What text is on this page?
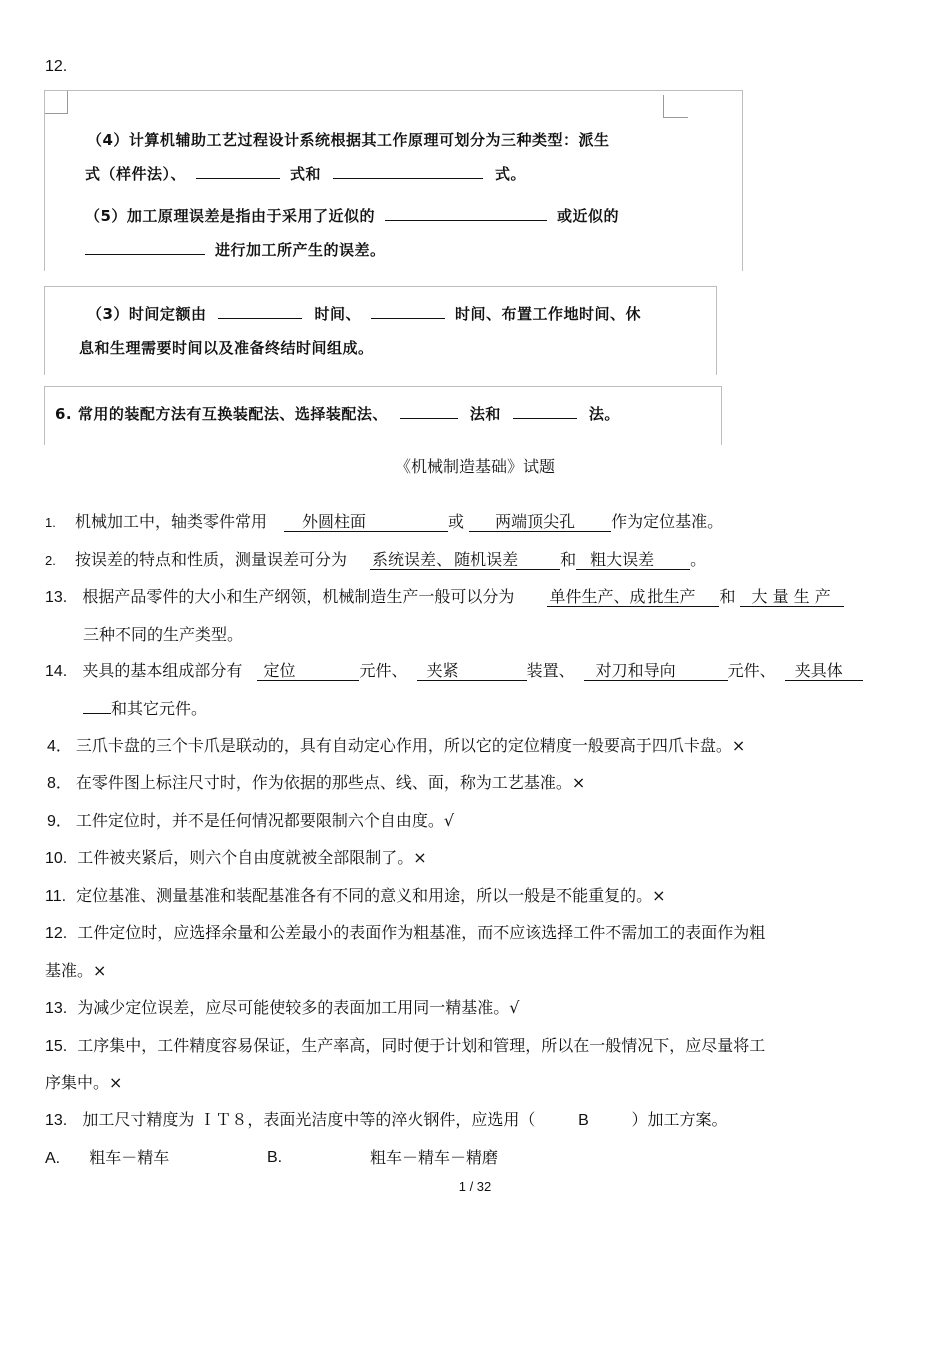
12.
（4）计算机辅助工艺过程设计系统根据其工作原理可划分为三种类型：派生
式（样件法）、	式和	式。
（5）加工原理误差是指由于采用了近似的	或近似的
进行加工所产生的误差。
（3）时间定额由	时间、	时间、布置工作地时间、休
息和生理需要时间以及准备终结时间组成。
6. 常用的装配方法有互换装配法、选择装配法、	法和	法。
《机械制造基础》试题
1. 机械加工中，轴类零件常用 外圆柱面	或 两端顶尖孔 作为定位基准。
2. 按误差的特点和性质，测量误差可分为 系统误差、 随机误差	和 粗大误差 。
13. 根据产品零件的大小和生产纲领，机械制造生产一般可以分为 单件生产、成 批生产 和 大 量 生 产
三种不同的生产类型。
14. 夹具的基本组成部分有 定位	元件、 夹紧	装置、 对刀和导向	元件、 夹具体
和其它元件。
4． 三爪卡盘的三个卡爪是联动的，具有自动定心作用，所以它的定位精度一般要高于四爪卡盘。×
8． 在零件图上标注尺寸时，作为依据的那些点、线、面，称为工艺基准。×
9． 工件定位时，并不是任何情况都要限制六个自由度。√
10. 工件被夹紧后，则六个自由度就被全部限制了。×
11. 定位基准、测量基准和装配基准各有不同的意义和用途，所以一般是不能重复的。×
12. 工件定位时，应选择余量和公差最小的表面作为粗基准，而不应该选择工件不需加工的表面作为粗
基准。×
13. 为减少定位误差，应尽可能使较多的表面加工用同一精基准。√
15. 工序集中，工件精度容易保证，生产率高，同时便于计划和管理，所以在一般情况下，应尽量将工
序集中。×
13. 加工尺寸精度为 ＩＴ８，表面光洁度中等的淬火钢件，应选用（	B	）加工方案。
A. 粗车－精车	B.	粗车－精车－精磨
1 / 32
